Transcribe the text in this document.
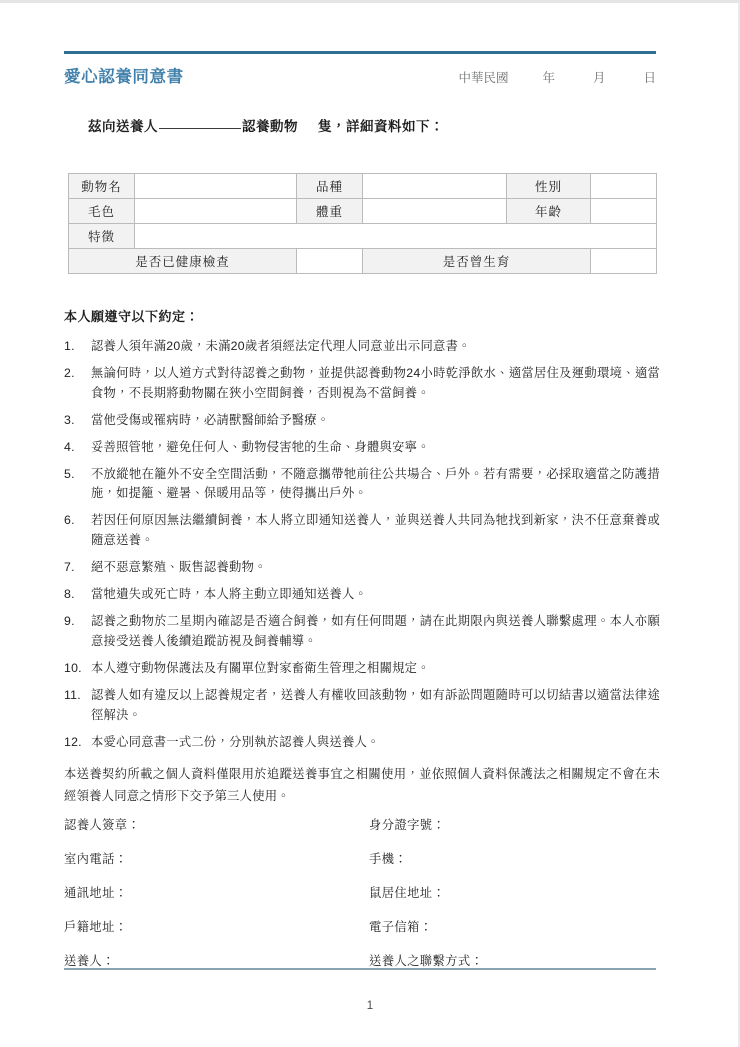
愛心認養同意書	中華民國	年	月	日
茲向送養人	認養動物 隻，詳細資料如下：
動物名		品種		性別	
毛色		體重		年齡	
特徵					
是否已健康檢查			是否曾生育		
本人願遵守以下約定：
1.	認養人須年滿20歲，未滿20歲者須經法定代理人同意並出示同意書。
2.	無論何時，以人道方式對待認養之動物，並提供認養動物24小時乾淨飲水、適當居住及運動環境、適當食物，不長期將動物關在狹小空間飼養，否則視為不當飼養。
3.	當他受傷或罹病時，必請獸醫師給予醫療。
4.	妥善照管牠，避免任何人、動物侵害牠的生命、身體與安寧。
5.	不放縱牠在籠外不安全空間活動，不隨意攜帶牠前往公共場合、戶外。若有需要，必採取適當之防護措施，如提籠、避暑、保暖用品等，使得攜出戶外。
6.	若因任何原因無法繼續飼養，本人將立即通知送養人，並與送養人共同為牠找到新家，決不任意棄養或隨意送養。
7.	絕不惡意繁殖、販售認養動物。
8.	當牠遺失或死亡時，本人將主動立即通知送養人。
9.	認養之動物於二星期內確認是否適合飼養，如有任何問題，請在此期限內與送養人聯繫處理。本人亦願意接受送養人後續追蹤訪視及飼養輔導。
10. 本人遵守動物保護法及有關單位對家畜衛生管理之相關規定。
11. 認養人如有違反以上認養規定者，送養人有權收回該動物，如有訴訟問題隨時可以切結書以適當法律途徑解決。
12. 本愛心同意書一式二份，分別執於認養人與送養人。
本送養契約所載之個人資料僅限用於追蹤送養事宜之相關使用，並依照個人資料保護法之相關規定不會在未經領養人同意之情形下交予第三人使用。
認養人簽章：	身分證字號：
室內電話：	手機：
通訊地址：	鼠居住地址：
戶籍地址：	電子信箱：
送養人：	送養人之聯繫方式：
1
